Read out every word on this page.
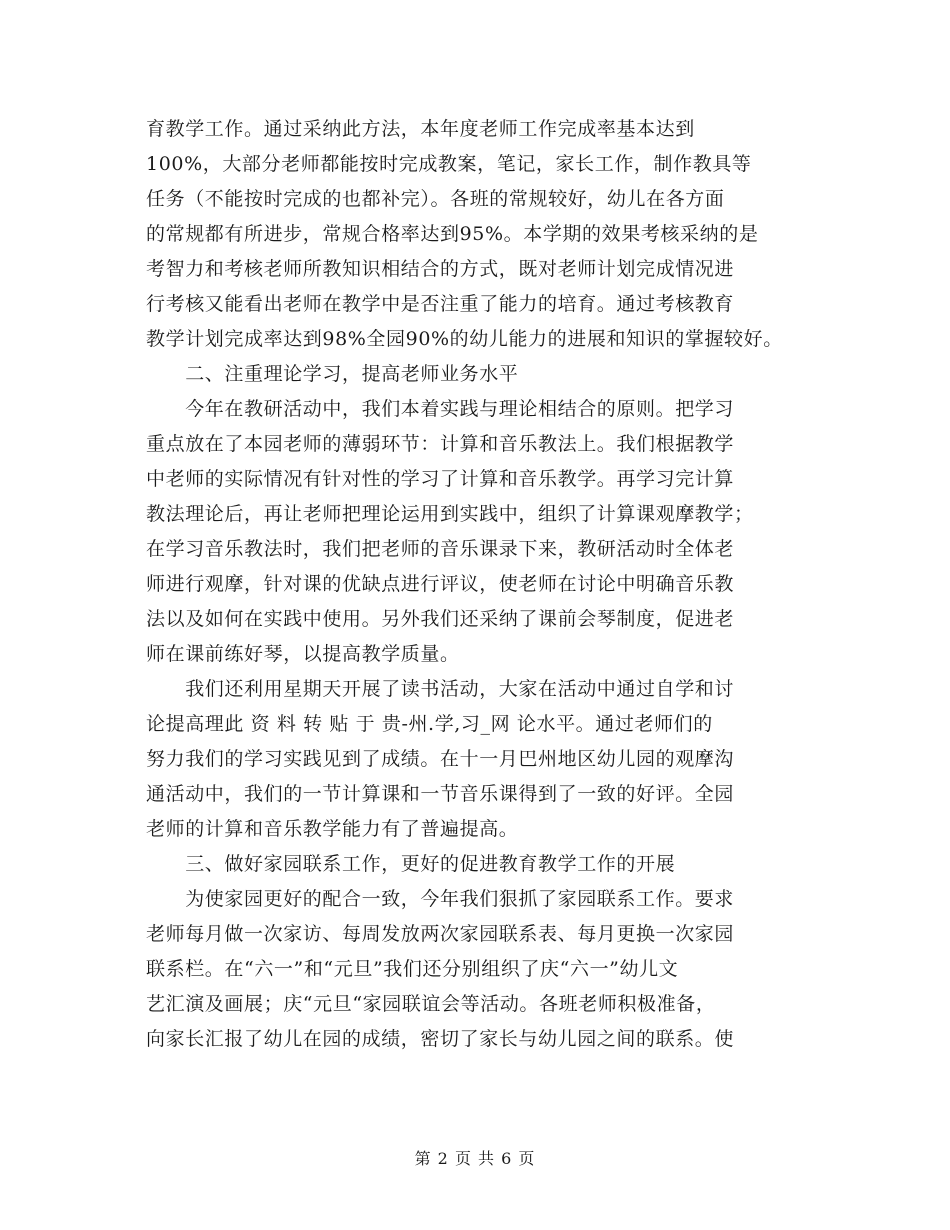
育教学工作。通过采纳此方法，本年度老师工作完成率基本达到
100%，大部分老师都能按时完成教案，笔记，家长工作，制作教具等
任务（不能按时完成的也都补完）。各班的常规较好，幼儿在各方面
的常规都有所进步，常规合格率达到95%。本学期的效果考核采纳的是
考智力和考核老师所教知识相结合的方式，既对老师计划完成情况进
行考核又能看出老师在教学中是否注重了能力的培育。通过考核教育
教学计划完成率达到98%全园90%的幼儿能力的进展和知识的掌握较好。
　　二、注重理论学习，提高老师业务水平
　　今年在教研活动中，我们本着实践与理论相结合的原则。把学习
重点放在了本园老师的薄弱环节：计算和音乐教法上。我们根据教学
中老师的实际情况有针对性的学习了计算和音乐教学。再学习完计算
教法理论后，再让老师把理论运用到实践中，组织了计算课观摩教学；
在学习音乐教法时，我们把老师的音乐课录下来，教研活动时全体老
师进行观摩，针对课的优缺点进行评议，使老师在讨论中明确音乐教
法以及如何在实践中使用。另外我们还采纳了课前会琴制度，促进老
师在课前练好琴，以提高教学质量。
　　我们还利用星期天开展了读书活动，大家在活动中通过自学和讨
论提高理此 资 料 转 贴 于 贵-州.学,习_网 论水平。通过老师们的
努力我们的学习实践见到了成绩。在十一月巴州地区幼儿园的观摩沟
通活动中，我们的一节计算课和一节音乐课得到了一致的好评。全园
老师的计算和音乐教学能力有了普遍提高。
　　三、做好家园联系工作，更好的促进教育教学工作的开展
　　为使家园更好的配合一致，今年我们狠抓了家园联系工作。要求
老师每月做一次家访、每周发放两次家园联系表、每月更换一次家园
联系栏。在“六一”和“元旦”我们还分别组织了庆“六一”幼儿文
艺汇演及画展；庆“元旦“家园联谊会等活动。各班老师积极准备，
向家长汇报了幼儿在园的成绩，密切了家长与幼儿园之间的联系。使
第 2 页 共 6 页
